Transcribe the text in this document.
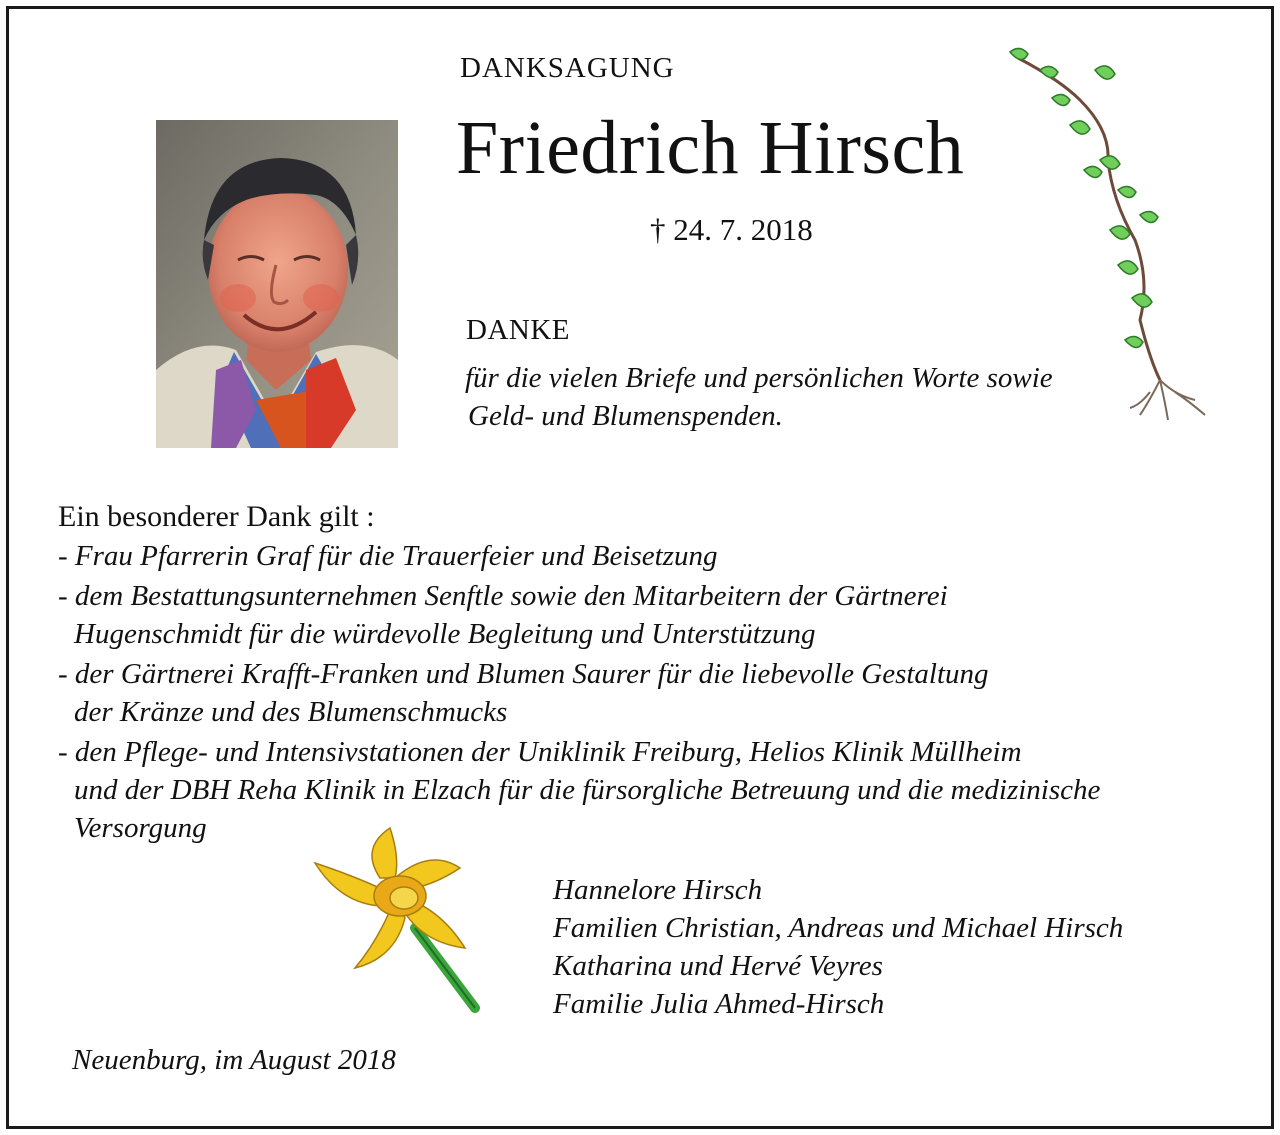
DANKSAGUNG
Friedrich Hirsch
† 24. 7. 2018
DANKE
für die vielen Briefe und persönlichen Worte sowie
Geld- und Blumenspenden.
Ein besonderer Dank gilt :
- Frau Pfarrerin Graf für die Trauerfeier und Beisetzung
- dem Bestattungsunternehmen Senftle sowie den Mitarbeitern der Gärtnerei
Hugenschmidt für die würdevolle Begleitung und Unterstützung
- der Gärtnerei Krafft-Franken und Blumen Saurer für die liebevolle Gestaltung
der Kränze und des Blumenschmucks
- den Pflege- und Intensivstationen der Uniklinik Freiburg, Helios Klinik Müllheim
und der DBH Reha Klinik in Elzach für die fürsorgliche Betreuung und die medizinische
Versorgung
Hannelore Hirsch
Familien Christian, Andreas und Michael Hirsch
Katharina und Hervé Veyres
Familie Julia Ahmed-Hirsch
Neuenburg, im August 2018
